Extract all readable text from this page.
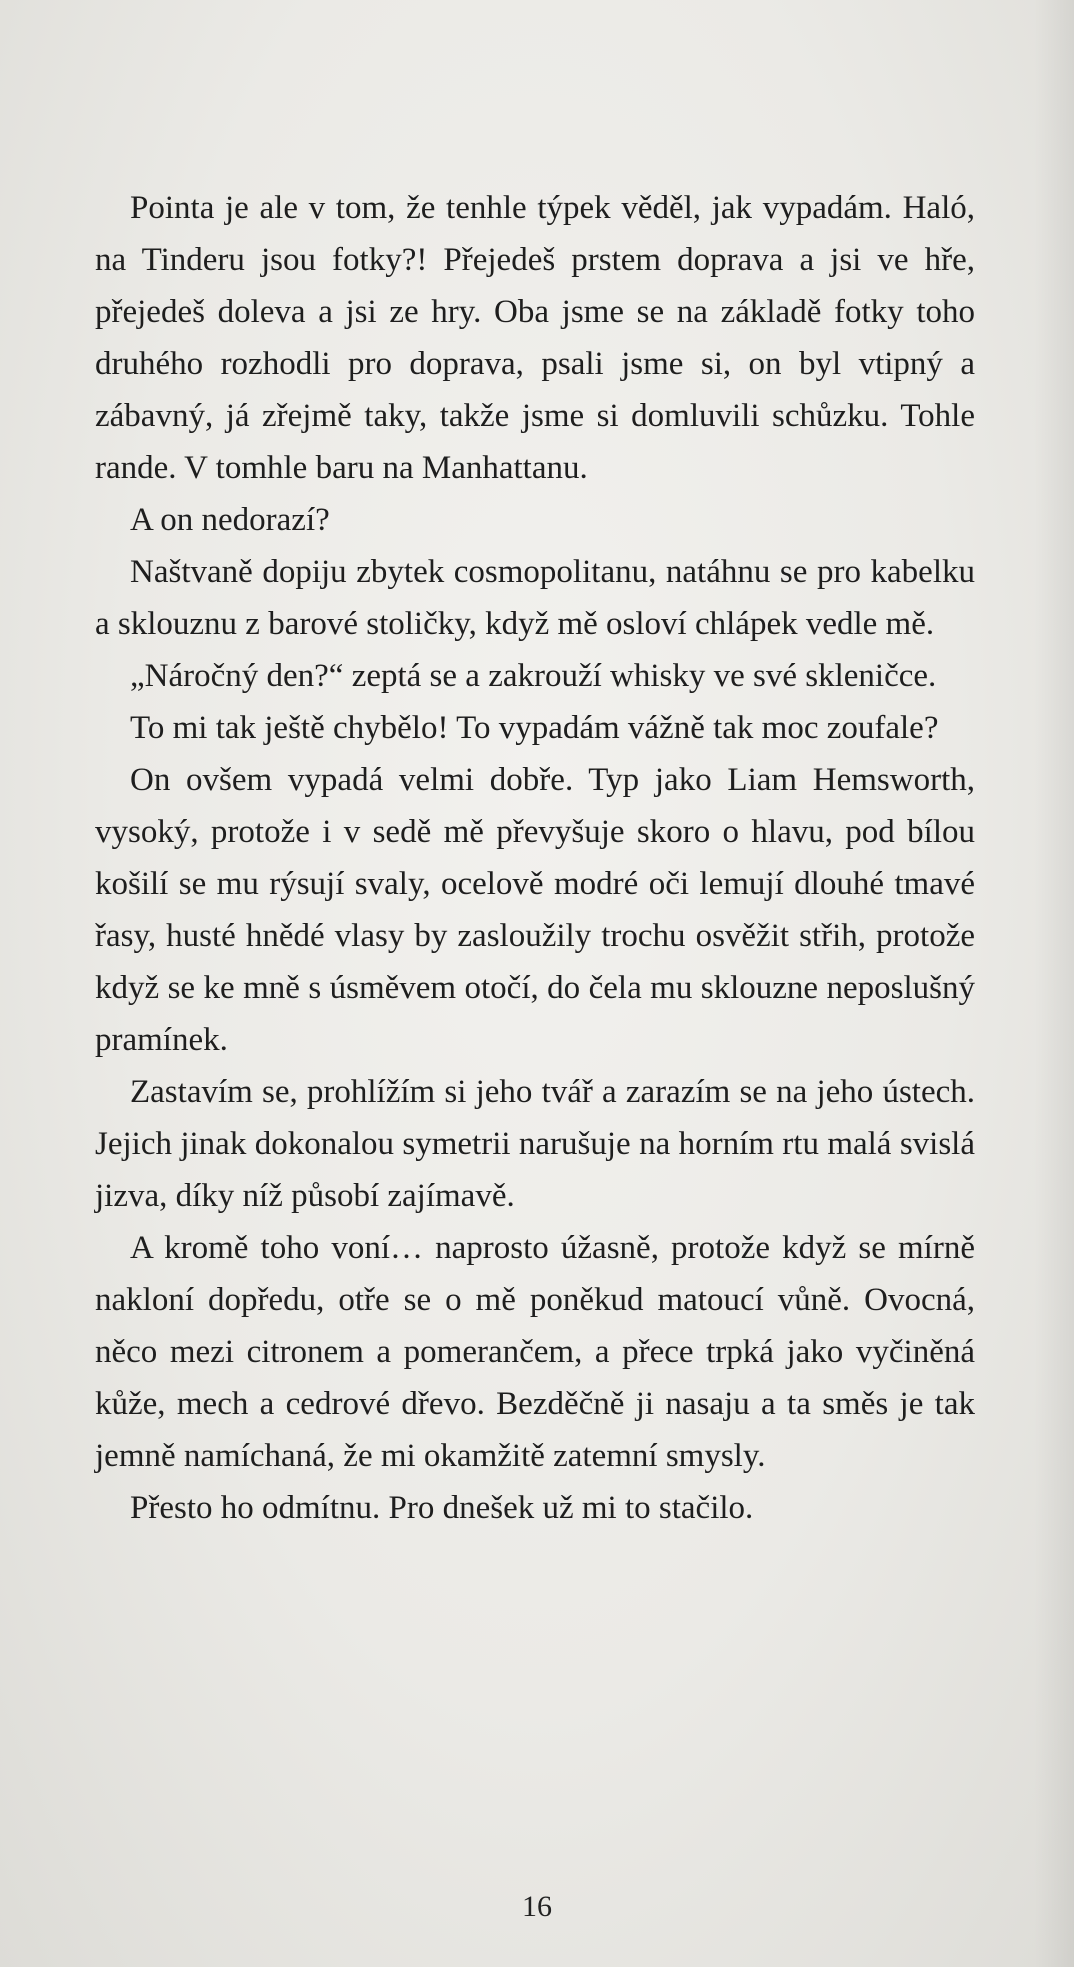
Pointa je ale v tom, že tenhle týpek věděl, jak vypadám. Haló, na Tinderu jsou fotky?! Přejedeš prstem doprava a jsi ve hře, přejedeš doleva a jsi ze hry. Oba jsme se na základě fotky toho druhého rozhodli pro doprava, psali jsme si, on byl vtipný a zábavný, já zřejmě taky, takže jsme si domluvili schůzku. Tohle rande. V tomhle baru na Manhattanu.

A on nedorazí?

Naštvaně dopiju zbytek cosmopolitanu, natáhnu se pro kabelku a sklouznu z barové stoličky, když mě osloví chlápek vedle mě.

„Náročný den?“ zeptá se a zakrouží whisky ve své skleničce.

To mi tak ještě chybělo! To vypadám vážně tak moc zoufale?

On ovšem vypadá velmi dobře. Typ jako Liam Hemsworth, vysoký, protože i v sedě mě převyšuje skoro o hlavu, pod bílou košilí se mu rýsují svaly, ocelově modré oči lemují dlouhé tmavé řasy, husté hnědé vlasy by zasloužily trochu osvěžit střih, protože když se ke mně s úsměvem otočí, do čela mu sklouzne neposlušný pramínek.

Zastavím se, prohlížím si jeho tvář a zarazím se na jeho ústech. Jejich jinak dokonalou symetrii narušuje na horním rtu malá svislá jizva, díky níž působí zajímavě.

A kromě toho voní… naprosto úžasně, protože když se mírně nakloní dopředu, otře se o mě poněkud matoucí vůně. Ovocná, něco mezi citronem a pomerančem, a přece trpká jako vyčiněná kůže, mech a cedrové dřevo. Bezděčně ji nasaju a ta směs je tak jemně namíchaná, že mi okamžitě zatemní smysly.

Přesto ho odmítnu. Pro dnešek už mi to stačilo.

16
